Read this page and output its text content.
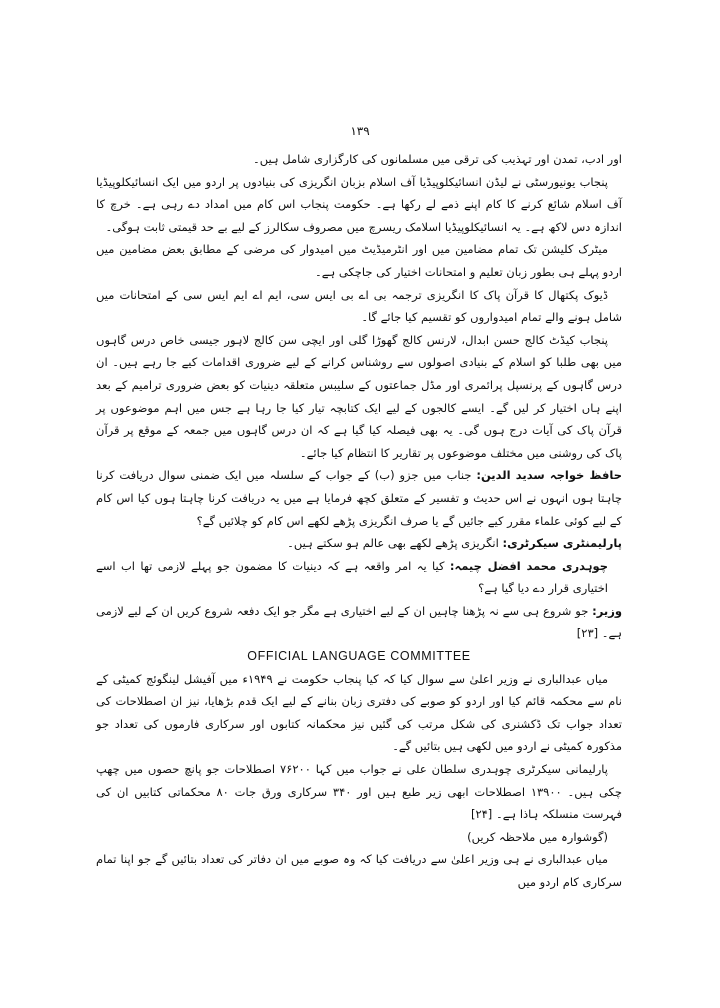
۱۳۹

اور ادب، تمدن اور تہذیب کی ترقی میں مسلمانوں کی کارگزاری شامل ہیں۔

پنجاب یونیورسٹی نے لیڈن انسائیکلوپیڈیا آف اسلام بزبان انگریزی کی بنیادوں پر اردو میں ایک انسائیکلوپیڈیا آف اسلام شائع کرنے کا کام اپنے ذمے لے رکھا ہے۔ حکومت پنجاب اس کام میں امداد دے رہی ہے۔ خرچ کا اندازہ دس لاکھ ہے۔ یہ انسائیکلوپیڈیا اسلامک ریسرچ میں مصروف سکالرز کے لیے بے حد قیمتی ثابت ہوگی۔

میٹرک کلیشن تک تمام مضامین میں اور انٹرمیڈیٹ میں امیدوار کی مرضی کے مطابق بعض مضامین میں اردو پہلے ہی بطور زبان تعلیم و امتحانات اختیار کی جاچکی ہے۔

ڈیوک پکتھال کا قرآن پاک کا انگریزی ترجمہ بی اے بی ایس سی، ایم اے ایم ایس سی کے امتحانات میں شامل ہونے والے تمام امیدواروں کو تقسیم کیا جائے گا۔

پنجاب کیڈٹ کالج حسن ابدال، لارنس کالج گھوڑا گلی اور ایچی سن کالج لاہور جیسی خاص درس گاہوں میں بھی طلبا کو اسلام کے بنیادی اصولوں سے روشناس کرانے کے لیے ضروری اقدامات کیے جا رہے ہیں۔ ان درس گاہوں کے پرنسپل پرائمری اور مڈل جماعتوں کے سلیبس متعلقہ دینیات کو بعض ضروری ترامیم کے بعد اپنے ہاں اختیار کر لیں گے۔ ایسے کالجوں کے لیے ایک کتابچہ تیار کیا جا رہا ہے جس میں اہم موضوعوں پر قرآن پاک کی آیات درج ہوں گی۔ یہ بھی فیصلہ کیا گیا ہے کہ ان درس گاہوں میں جمعہ کے موقع پر قرآن پاک کی روشنی میں مختلف موضوعوں پر تقاریر کا انتظام کیا جائے۔

حافظ خواجہ سدید الدین: جناب میں جزو (ب) کے جواب کے سلسلہ میں ایک ضمنی سوال دریافت کرنا چاہتا ہوں انہوں نے اس حدیث و تفسیر کے متعلق کچھ فرمایا ہے میں یہ دریافت کرنا چاہتا ہوں کیا اس کام کے لیے کوئی علماء مقرر کیے جائیں گے یا صرف انگریزی پڑھے لکھے اس کام کو چلائیں گے؟

پارلیمنٹری سیکرٹری: انگریزی پڑھے لکھے بھی عالم ہو سکتے ہیں۔

چوہدری محمد افضل چیمہ: کیا یہ امر واقعہ ہے کہ دینیات کا مضمون جو پہلے لازمی تھا اب اسے اختیاری قرار دے دیا گیا ہے؟

وزیر: جو شروع ہی سے نہ پڑھنا چاہیں ان کے لیے اختیاری ہے مگر جو ایک دفعہ شروع کریں ان کے لیے لازمی ہے۔ [۲۳]

OFFICIAL LANGUAGE COMMITTEE

میاں عبدالباری نے وزیر اعلیٰ سے سوال کیا کہ کیا پنجاب حکومت نے ۱۹۴۹ء میں آفیشل لینگوئج کمیٹی کے نام سے محکمہ قائم کیا اور اردو کو صوبے کی دفتری زبان بنانے کے لیے ایک قدم بڑھایا، نیز ان اصطلاحات کی تعداد جواب تک ڈکشنری کی شکل مرتب کی گئیں نیز محکمانہ کتابوں اور سرکاری فارموں کی تعداد جو مذکورہ کمیٹی نے اردو میں لکھی ہیں بتائیں گے۔

پارلیمانی سیکرٹری چوہدری سلطان علی نے جواب میں کہا ۷۶۲۰۰ اصطلاحات جو پانچ حصوں میں چھپ چکی ہیں۔ ۱۳۹۰۰ اصطلاحات ابھی زیر طبع ہیں اور ۳۴۰ سرکاری ورق جات ۸۰ محکماتی کتابیں ان کی فہرست منسلکہ ہاذا ہے۔ [۲۴]

(گوشوارہ میں ملاحظہ کریں)

میاں عبدالباری نے ہی وزیر اعلیٰ سے دریافت کیا کہ وہ صوبے میں ان دفاتر کی تعداد بتائیں گے جو اپنا تمام سرکاری کام اردو میں
